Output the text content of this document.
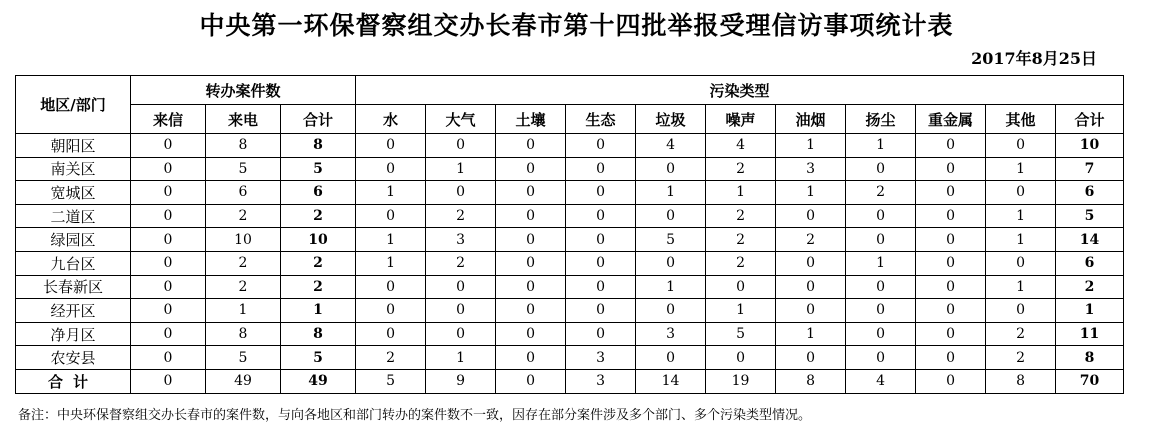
中央第一环保督察组交办长春市第十四批举报受理信访事项统计表
2017年8月25日
地区/部门	转办案件数			污染类型										
	来信	来电	合计	水	大气	土壤	生态	垃圾	噪声	油烟	扬尘	重金属	其他	合计
朝阳区	0	8	8	0	0	0	0	4	4	1	1	0	0	10
南关区	0	5	5	0	1	0	0	0	2	3	0	0	1	7
宽城区	0	6	6	1	0	0	0	1	1	1	2	0	0	6
二道区	0	2	2	0	2	0	0	0	2	0	0	0	1	5
绿园区	0	10	10	1	3	0	0	5	2	2	0	0	1	14
九台区	0	2	2	1	2	0	0	0	2	0	1	0	0	6
长春新区	0	2	2	0	0	0	0	1	0	0	0	0	1	2
经开区	0	1	1	0	0	0	0	0	1	0	0	0	0	1
净月区	0	8	8	0	0	0	0	3	5	1	0	0	2	11
农安县	0	5	5	2	1	0	3	0	0	0	0	0	2	8
合计	0	49	49	5	9	0	3	14	19	8	4	0	8	70
备注：中央环保督察组交办长春市的案件数，与向各地区和部门转办的案件数不一致，因存在部分案件涉及多个部门、多个污染类型情况。
